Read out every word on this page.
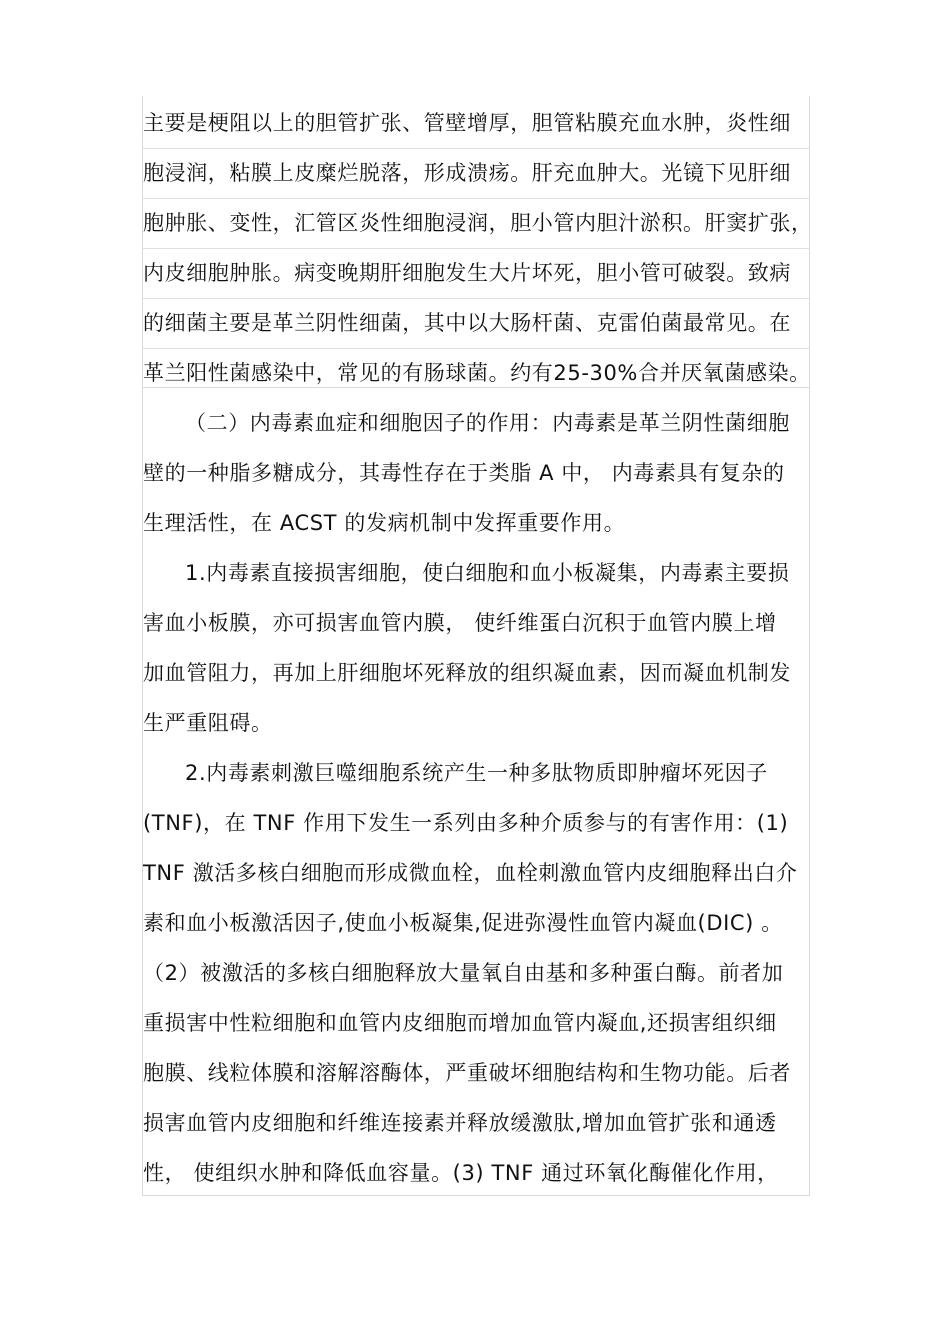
主要是梗阻以上的胆管扩张、管壁增厚，胆管粘膜充血水肿，炎性细
胞浸润，粘膜上皮糜烂脱落，形成溃疡。肝充血肿大。光镜下见肝细
胞肿胀、变性，汇管区炎性细胞浸润，胆小管内胆汁淤积。肝窦扩张，
内皮细胞肿胀。病变晚期肝细胞发生大片坏死，胆小管可破裂。致病
的细菌主要是革兰阴性细菌，其中以大肠杆菌、克雷伯菌最常见。在
革兰阳性菌感染中，常见的有肠球菌。约有25-30%合并厌氧菌感染。
（二）内毒素血症和细胞因子的作用：内毒素是革兰阴性菌细胞
壁的一种脂多糖成分，其毒性存在于类脂 A 中， 内毒素具有复杂的
生理活性，在 ACST 的发病机制中发挥重要作用。
1.内毒素直接损害细胞，使白细胞和血小板凝集，内毒素主要损
害血小板膜，亦可损害血管内膜， 使纤维蛋白沉积于血管内膜上增
加血管阻力，再加上肝细胞坏死释放的组织凝血素，因而凝血机制发
生严重阻碍。
2.内毒素刺激巨噬细胞系统产生一种多肽物质即肿瘤坏死因子
(TNF)，在 TNF 作用下发生一系列由多种介质参与的有害作用：(1)
TNF 激活多核白细胞而形成微血栓，血栓刺激血管内皮细胞释出白介
素和血小板激活因子,使血小板凝集,促进弥漫性血管内凝血(DIC) 。
（2）被激活的多核白细胞释放大量氧自由基和多种蛋白酶。前者加
重损害中性粒细胞和血管内皮细胞而增加血管内凝血,还损害组织细
胞膜、线粒体膜和溶解溶酶体，严重破坏细胞结构和生物功能。后者
损害血管内皮细胞和纤维连接素并释放缓激肽,增加血管扩张和通透
性， 使组织水肿和降低血容量。(3) TNF 通过环氧化酶催化作用，
